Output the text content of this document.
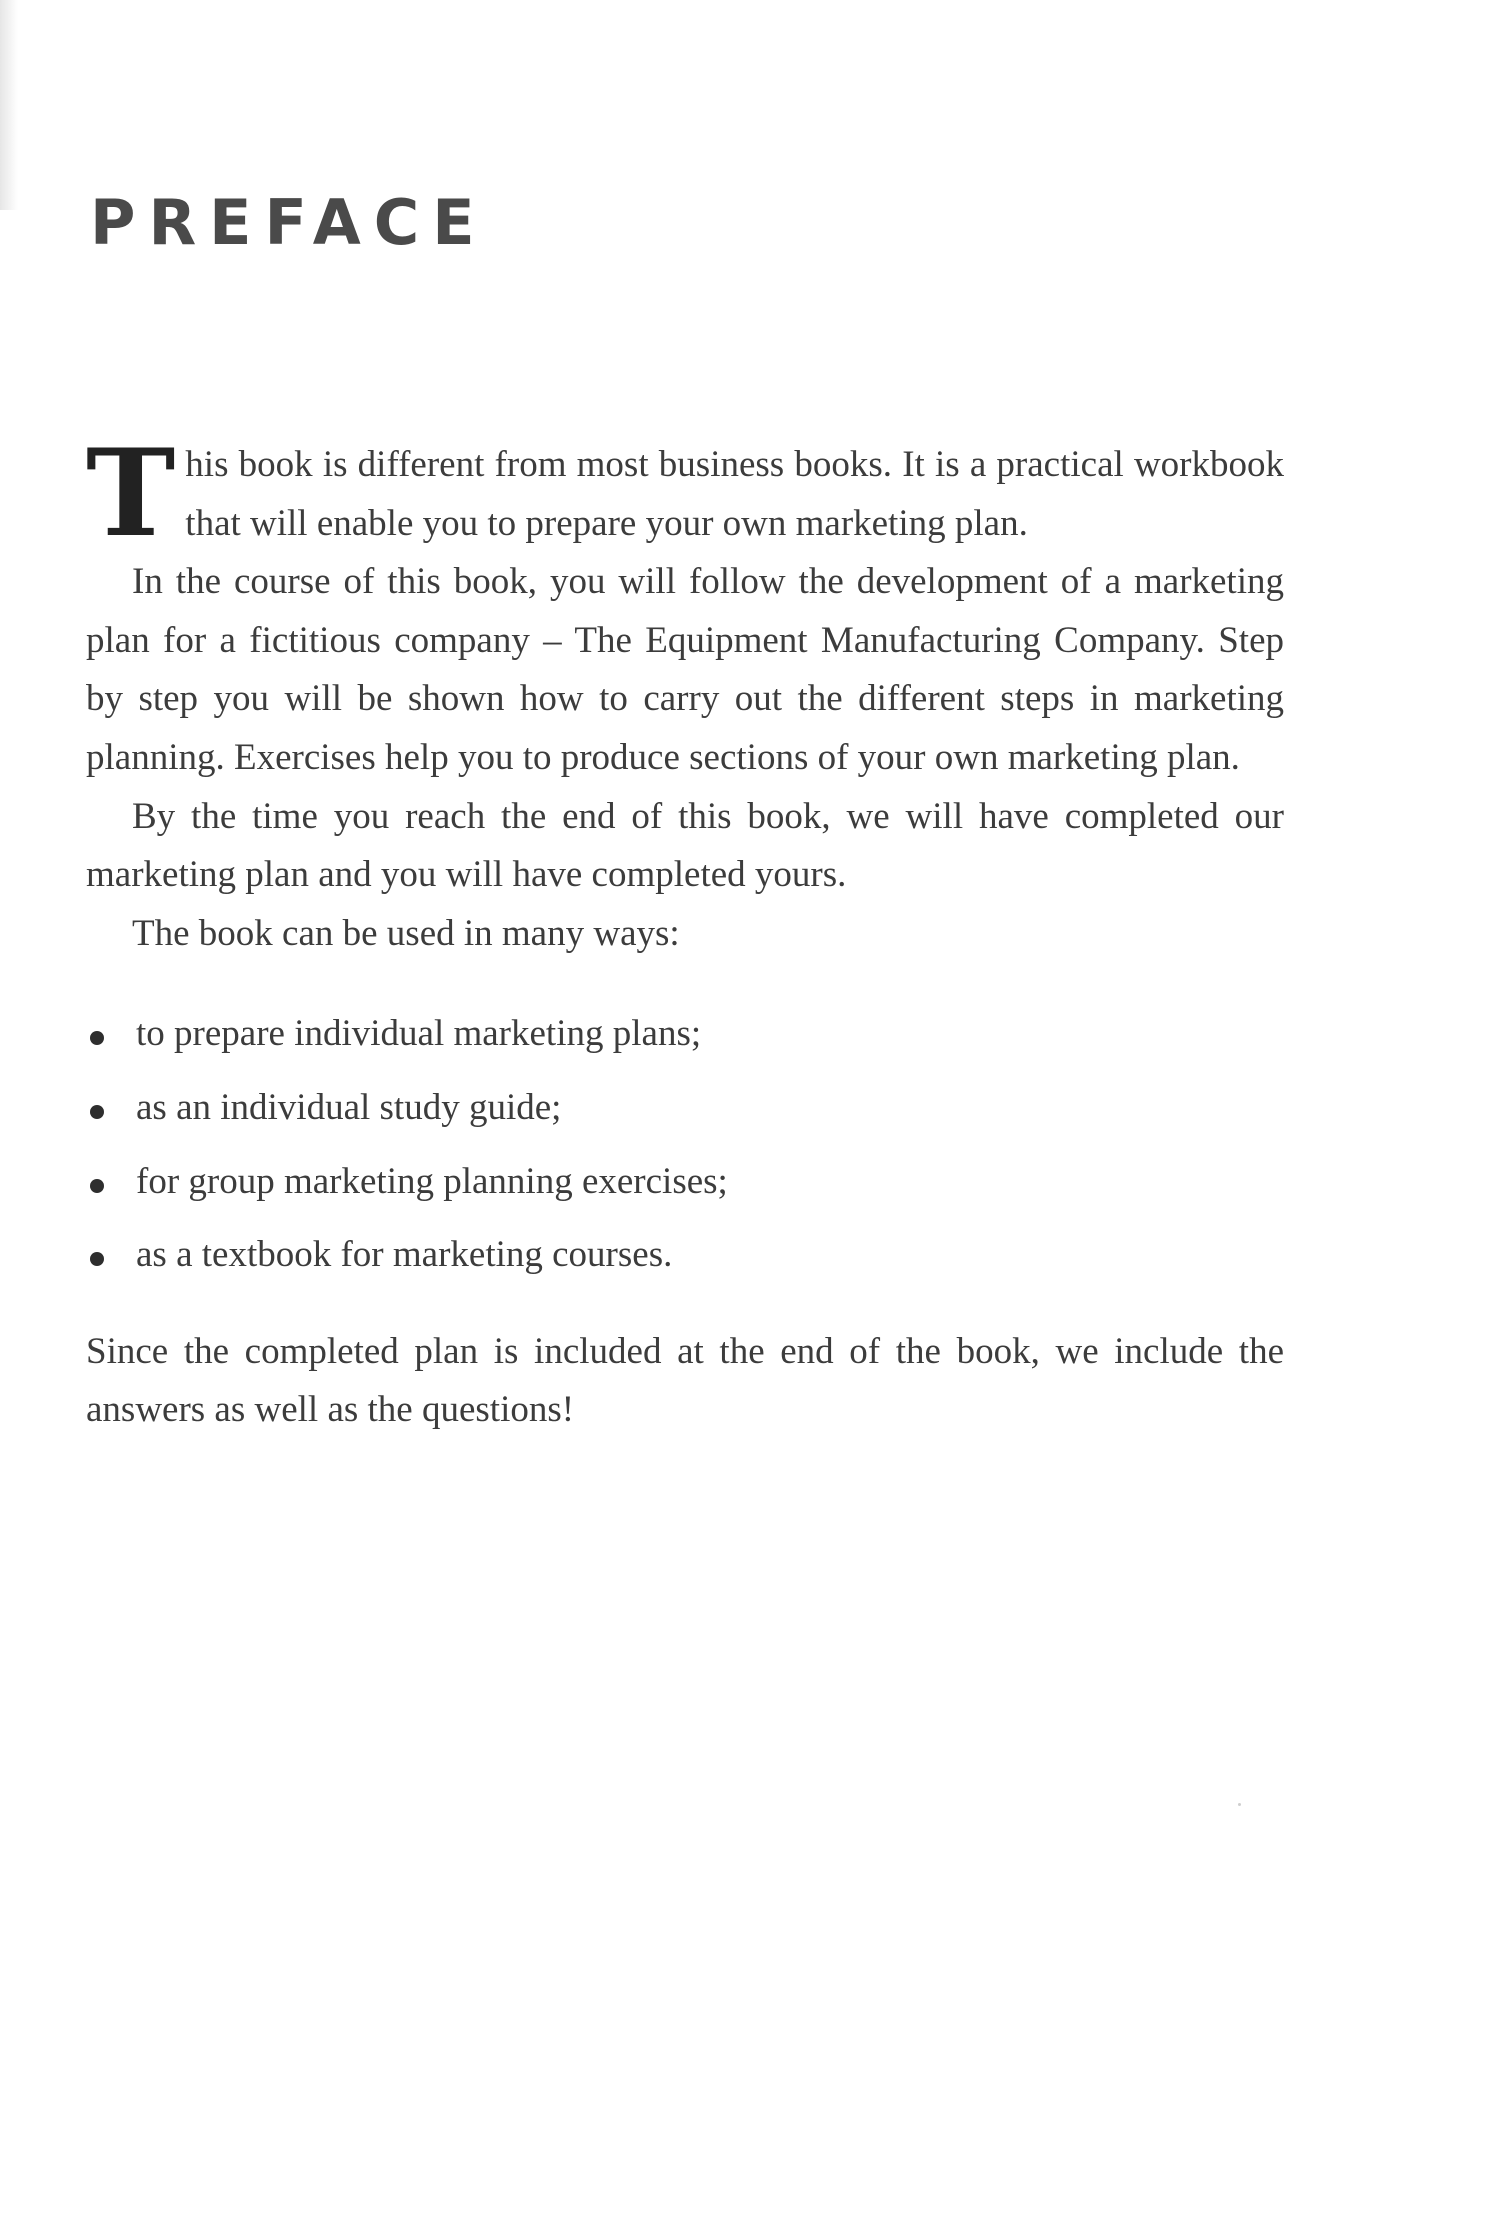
PREFACE

This book is different from most business books. It is a practical workbook that will enable you to prepare your own marketing plan.

In the course of this book, you will follow the development of a marketing plan for a fictitious company – The Equipment Manufacturing Company. Step by step you will be shown how to carry out the different steps in marketing planning. Exercises help you to produce sections of your own marketing plan.

By the time you reach the end of this book, we will have completed our marketing plan and you will have completed yours.

The book can be used in many ways:

to prepare individual marketing plans;
as an individual study guide;
for group marketing planning exercises;
as a textbook for marketing courses.

Since the completed plan is included at the end of the book, we include the answers as well as the questions!
